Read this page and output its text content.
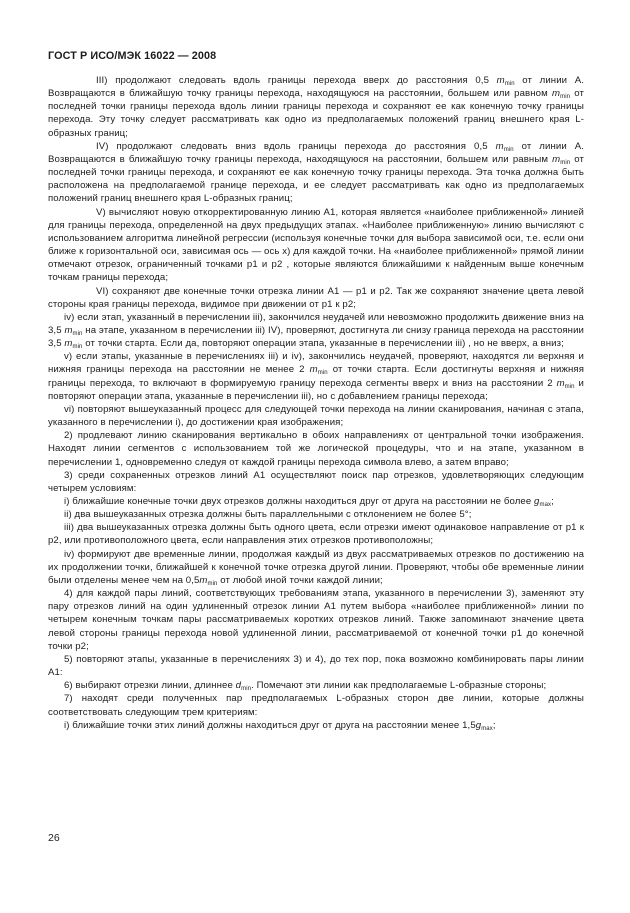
ГОСТ Р ИСО/МЭК 16022 — 2008

III) продолжают следовать вдоль границы перехода вверх до расстояния 0,5 $m_{min}$ от линии А. Возвращаются в ближайшую точку границы перехода, находящуюся на расстоянии, большем или равном $m_{min}$ от последней точки границы перехода вдоль линии границы перехода и сохраняют ее как конечную точку границы перехода. Эту точку следует рассматривать как одно из предполагаемых положений границ внешнего края L-образных границ;

IV) продолжают следовать вниз вдоль границы перехода до расстояния 0,5 $m_{min}$ от линии А. Возвращаются в ближайшую точку границы перехода, находящуюся на расстоянии, большем или равным $m_{min}$ от последней точки границы перехода, и сохраняют ее как конечную точку границы перехода. Эта точка должна быть расположена на предполагаемой границе перехода, и ее следует рассматривать как одно из предполагаемых положений границ внешнего края L-образных границ;

V) вычисляют новую откорректированную линию A1, которая является «наиболее приближенной» линией для границы перехода, определенной на двух предыдущих этапах. «Наиболее приближенную» линию вычисляют с использованием алгоритма линейной регрессии (используя конечные точки для выбора зависимой оси, т.е. если они ближе к горизонтальной оси, зависимая ось — ось x) для каждой точки. На «наиболее приближенной» прямой линии отмечают отрезок, ограниченный точками p1 и p2 , которые являются ближайшими к найденным выше конечным точкам границы перехода;

VI) сохраняют две конечные точки отрезка линии A1 — p1 и p2. Так же сохраняют значение цвета левой стороны края границы перехода, видимое при движении от p1 к p2;

iv) если этап, указанный в перечислении iii), закончился неудачей или невозможно продолжить движение вниз на 3,5 $m_{min}$ на этапе, указанном в перечислении iii) IV), проверяют, достигнута ли снизу граница перехода на расстоянии 3,5 $m_{min}$ от точки старта. Если да, повторяют операции этапа, указанные в перечислении iii) , но не вверх, а вниз;

v) если этапы, указанные в перечислениях iii) и iv), закончились неудачей, проверяют, находятся ли верхняя и нижняя границы перехода на расстоянии не менее 2 $m_{min}$ от точки старта. Если достигнуты верхняя и нижняя границы перехода, то включают в формируемую границу перехода сегменты вверх и вниз на расстоянии 2 $m_{min}$ и повторяют операции этапа, указанные в перечислении iii), но с добавлением границы перехода;

vi) повторяют вышеуказанный процесс для следующей точки перехода на линии сканирования, начиная с этапа, указанного в перечислении i), до достижении края изображения;

2) продлевают линию сканирования вертикально в обоих направлениях от центральной точки изображения. Находят линии сегментов с использованием той же логической процедуры, что и на этапе, указанном в перечислении 1, одновременно следуя от каждой границы перехода символа влево, а затем вправо;

3) среди сохраненных отрезков линий A1 осуществляют поиск пар отрезков, удовлетворяющих следующим четырем условиям:

i) ближайшие конечные точки двух отрезков должны находиться друг от друга на расстоянии не более $g_{max}$;

ii) два вышеуказанных отрезка должны быть параллельными с отклонением не более 5°;

iii) два вышеуказанных отрезка должны быть одного цвета, если отрезки имеют одинаковое направление от p1 к p2, или противоположного цвета, если направления этих отрезков противоположны;

iv) формируют две временные линии, продолжая каждый из двух рассматриваемых отрезков по достижению на их продолжении точки, ближайшей к конечной точке отрезка другой линии. Проверяют, чтобы обе временные линии были отделены менее чем на $0,5m_{min}$ от любой иной точки каждой линии;

4) для каждой пары линий, соответствующих требованиям этапа, указанного в перечислении 3), заменяют эту пару отрезков линий на один удлиненный отрезок линии A1 путем выбора «наиболее приближенной» линии по четырем конечным точкам пары рассматриваемых коротких отрезков линий. Также запоминают значение цвета левой стороны границы перехода новой удлиненной линии, рассматриваемой от конечной точки p1 до конечной точки p2;

5) повторяют этапы, указанные в перечислениях 3) и 4), до тех пор, пока возможно комбинировать пары линии A1:

6) выбирают отрезки линии, длиннее $d_{min}$. Помечают эти линии как предполагаемые L-образные стороны;

7) находят среди полученных пар предполагаемых L-образных сторон две линии, которые должны соответствовать следующим трем критериям:

i) ближайшие точки этих линий должны находиться друг от друга на расстоянии менее $1,5g_{max}$;

26
